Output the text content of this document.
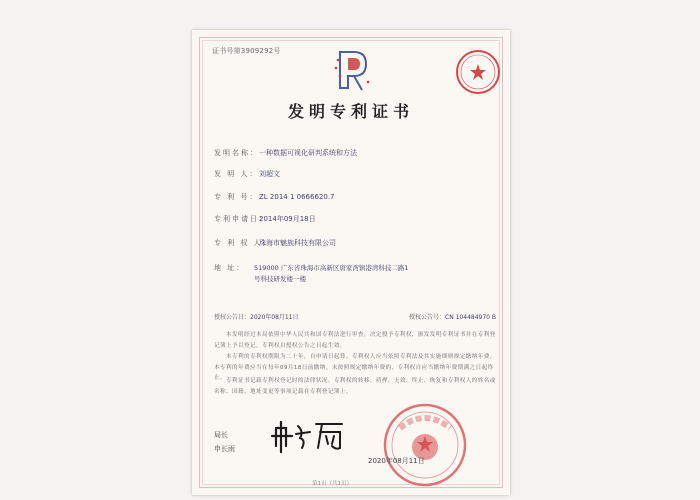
证书号第3909292号
发明专利证书
发明名称：一种数据可视化研判系统和方法
发 明 人：刘超文
专 利 号：ZL 2014 1 0666620.7
专利申请日：2014年09月18日
专 利 权 人：珠海市魅族科技有限公司
地 址：	519000 广东省珠海市高新区唐家湾镇港湾科技二路1
号科技研发楼一楼
授权公告日：2020年08月11日	授权公告号：CN 104484970 B
本发明经过本局依照中华人民共和国专利法进行审查，决定授予专利权，颁发发明专利证书并在专利登记簿上予以登记。专利权自授权公告之日起生效。
本专利的专利权期限为二十年，自申请日起算。专利权人应当依照专利法及其实施细则规定缴纳年费。本专利的年费应当在每年09月18日前缴纳。未按照规定缴纳年费的，专利权自应当缴纳年费期满之日起终止。 专利证书记载专利权登记时的法律状况。专利权的转移、质押、无效、终止、恢复和专利权人的姓名或名称、国籍、地址变更等事项记载在专利登记簿上。
局长
申长雨
2020年08月11日
第1页（共1页）
